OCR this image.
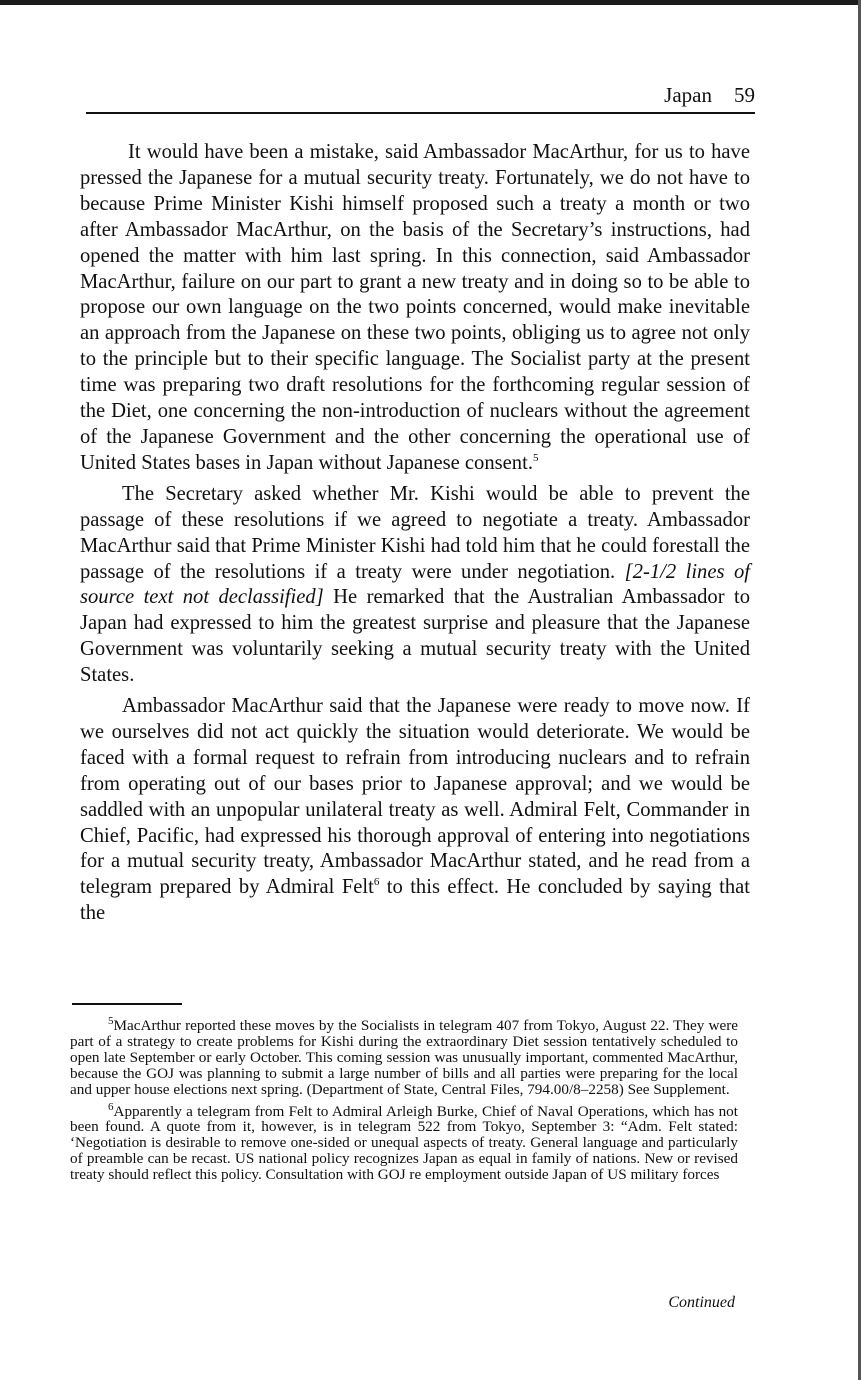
Japan 59

It would have been a mistake, said Ambassador MacArthur, for us to have pressed the Japanese for a mutual security treaty. Fortunately, we do not have to because Prime Minister Kishi himself proposed such a treaty a month or two after Ambassador MacArthur, on the basis of the Secretary’s instructions, had opened the matter with him last spring. In this connection, said Ambassador MacArthur, failure on our part to grant a new treaty and in doing so to be able to propose our own language on the two points concerned, would make inevitable an approach from the Japanese on these two points, obliging us to agree not only to the principle but to their specific language. The Socialist party at the present time was preparing two draft resolutions for the forthcoming regular session of the Diet, one concerning the non-introduction of nuclears without the agreement of the Japanese Government and the other concerning the operational use of United States bases in Japan without Japanese consent.$^5$

The Secretary asked whether Mr. Kishi would be able to prevent the passage of these resolutions if we agreed to negotiate a treaty. Ambassador MacArthur said that Prime Minister Kishi had told him that he could forestall the passage of the resolutions if a treaty were under negotiation. [2-1/2 lines of source text not declassified] He remarked that the Australian Ambassador to Japan had expressed to him the greatest surprise and pleasure that the Japanese Government was voluntarily seeking a mutual security treaty with the United States.

Ambassador MacArthur said that the Japanese were ready to move now. If we ourselves did not act quickly the situation would deteriorate. We would be faced with a formal request to refrain from introducing nuclears and to refrain from operating out of our bases prior to Japanese approval; and we would be saddled with an unpopular unilateral treaty as well. Admiral Felt, Commander in Chief, Pacific, had expressed his thorough approval of entering into negotiations for a mutual security treaty, Ambassador MacArthur stated, and he read from a telegram prepared by Admiral Felt$^6$ to this effect. He concluded by saying that the

$^5$MacArthur reported these moves by the Socialists in telegram 407 from Tokyo, August 22. They were part of a strategy to create problems for Kishi during the extraordinary Diet session tentatively scheduled to open late September or early October. This coming session was unusually important, commented MacArthur, because the GOJ was planning to submit a large number of bills and all parties were preparing for the local and upper house elections next spring. (Department of State, Central Files, 794.00/8–2258) See Supplement.

$^6$Apparently a telegram from Felt to Admiral Arleigh Burke, Chief of Naval Operations, which has not been found. A quote from it, however, is in telegram 522 from Tokyo, September 3: “Adm. Felt stated: ‘Negotiation is desirable to remove one-sided or unequal aspects of treaty. General language and particularly of preamble can be recast. US national policy recognizes Japan as equal in family of nations. New or revised treaty should reflect this policy. Consultation with GOJ re employment outside Japan of US military forces

Continued
